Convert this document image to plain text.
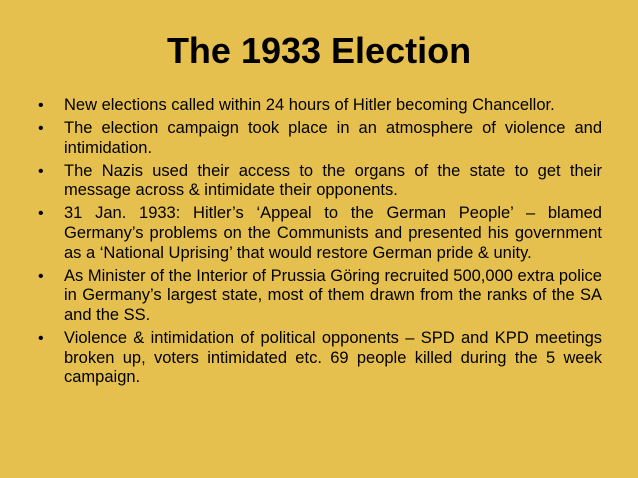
The 1933 Election
• New elections called within 24 hours of Hitler becoming Chancellor.
• The election campaign took place in an atmosphere of violence and intimidation.
• The Nazis used their access to the organs of the state to get their message across & intimidate their opponents.
• 31 Jan. 1933: Hitler’s ‘Appeal to the German People’ – blamed Germany’s problems on the Communists and presented his government as a ‘National Uprising’ that would restore German pride & unity.
• As Minister of the Interior of Prussia Göring recruited 500,000 extra police in Germany’s largest state, most of them drawn from the ranks of the SA and the SS.
• Violence & intimidation of political opponents – SPD and KPD meetings broken up, voters intimidated etc. 69 people killed during the 5 week campaign.
